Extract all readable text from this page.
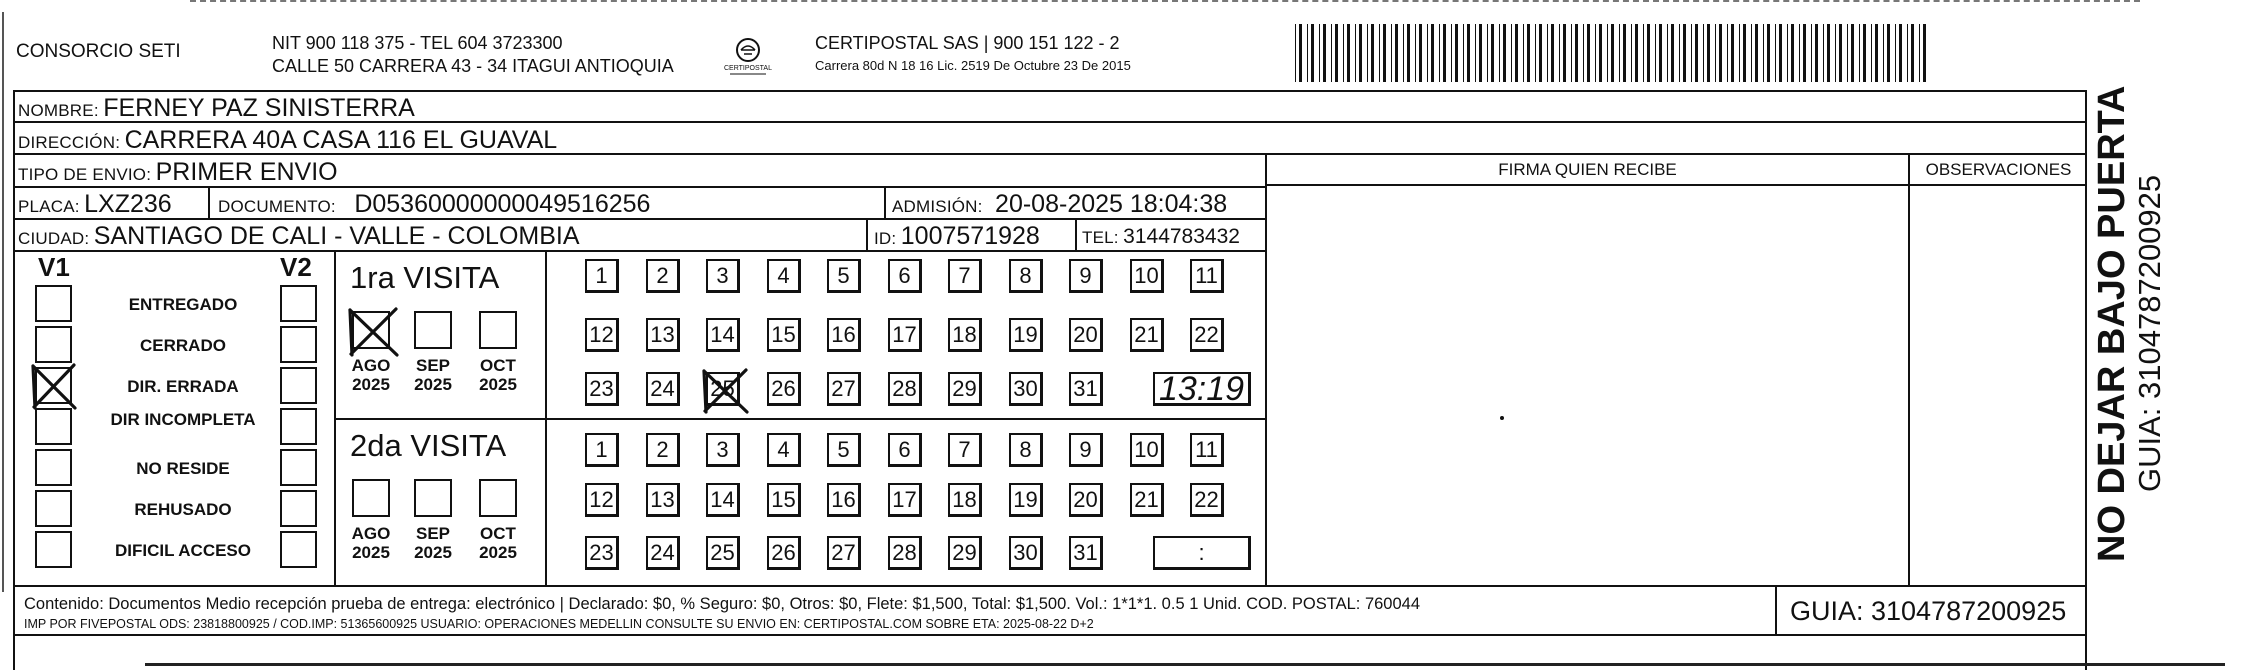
CONSORCIO SETI	NIT 900 118 375 - TEL 604 3723300
CALLE 50 CARRERA 43 - 34 ITAGUI ANTIOQUIA	CERTIPOSTAL
CERTIPOSTAL SAS | 900 151 122 - 2
Carrera 80d N 18 16 Lic. 2519 De Octubre 23 De 2015
NOMBRE: FERNEY PAZ SINISTERRA
DIRECCIÓN: CARRERA 40A CASA 116 EL GUAVAL
TIPO DE ENVIO: PRIMER ENVIO
PLACA: LXZ236	DOCUMENTO: D05360000000049516256	ADMISIÓN: 20-08-2025 18:04:38
CIUDAD: SANTIAGO DE CALI - VALLE - COLOMBIA	ID: 1007571928 TEL: 3144783432
FIRMA QUIEN RECIBE	OBSERVACIONES
V1	V2
ENTREGADO
CERRADO
DIR. ERRADA
DIR INCOMPLETA
NO RESIDE
REHUSADO
DIFICIL ACCESO
1ra VISITA
AGO
2025
SEP
2025
OCT
2025
1	2	3	4	5	6	7	8	9	10 11
12 13 14 15 16 17 18 19 20 21 22
23 24 25 26 27 28 29 30 31 13:19
2da VISITA
AGO
2025
SEP
2025
OCT
2025
1	2	3	4	5	6	7	8	9	10 11
12 13 14 15 16 17 18 19 20 21 22
23 24 25 26 27 28 29 30 31	:
Contenido: Documentos Medio recepción prueba de entrega: electrónico | Declarado: $0, % Seguro: $0, Otros: $0, Flete: $1,500, Total: $1,500. Vol.: 1*1*1. 0.5 1 Unid. COD. POSTAL: 760044
IMP POR FIVEPOSTAL ODS: 23818800925 / COD.IMP: 51365600925 USUARIO: OPERACIONES MEDELLIN CONSULTE SU ENVIO EN: CERTIPOSTAL.COM SOBRE ETA: 2025-08-22 D+2	GUIA: 3104787200925
NO DEJAR BAJO PUERTA GUIA: 3104787200925
